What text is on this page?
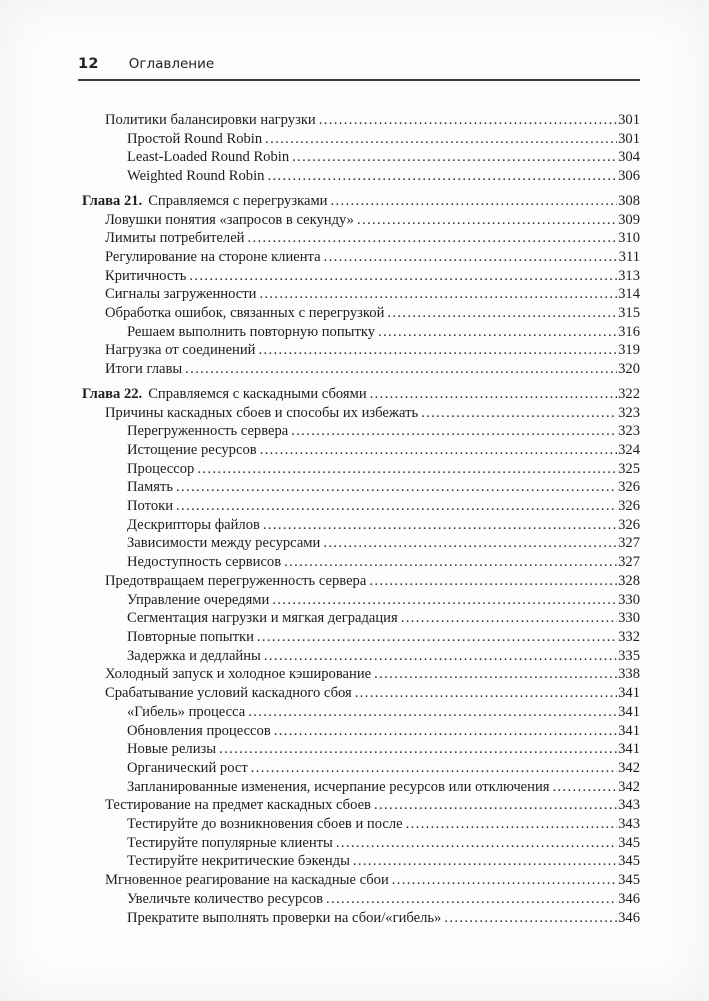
12 Оглавление
Политики балансировки нагрузки .....	301
Простой Round Robin .....	301
Least-Loaded Round Robin .....	304
Weighted Round Robin .....	306
Глава 21. Справляемся с перегрузками .....	308
Ловушки понятия «запросов в секунду» .....	309
Лимиты потребителей .....	310
Регулирование на стороне клиента .....	311
Критичность .....	313
Сигналы загруженности .....	314
Обработка ошибок, связанных с перегрузкой .....	315
Решаем выполнить повторную попытку .....	316
Нагрузка от соединений .....	319
Итоги главы .....	320
Глава 22. Справляемся с каскадными сбоями .....	322
Причины каскадных сбоев и способы их избежать .....	323
Перегруженность сервера .....	323
Истощение ресурсов .....	324
Процессор .....	325
Память .....	326
Потоки .....	326
Дескрипторы файлов .....	326
Зависимости между ресурсами .....	327
Недоступность сервисов .....	327
Предотвращаем перегруженность сервера .....	328
Управление очередями .....	330
Сегментация нагрузки и мягкая деградация .....	330
Повторные попытки .....	332
Задержка и дедлайны .....	335
Холодный запуск и холодное кэширование .....	338
Срабатывание условий каскадного сбоя .....	341
«Гибель» процесса .....	341
Обновления процессов .....	341
Новые релизы .....	341
Органический рост .....	342
Запланированные изменения, исчерпание ресурсов или отключения .....	342
Тестирование на предмет каскадных сбоев .....	343
Тестируйте до возникновения сбоев и после .....	343
Тестируйте популярные клиенты .....	345
Тестируйте некритические бэкенды .....	345
Мгновенное реагирование на каскадные сбои .....	345
Увеличьте количество ресурсов .....	346
Прекратите выполнять проверки на сбои/«гибель» .....	346
